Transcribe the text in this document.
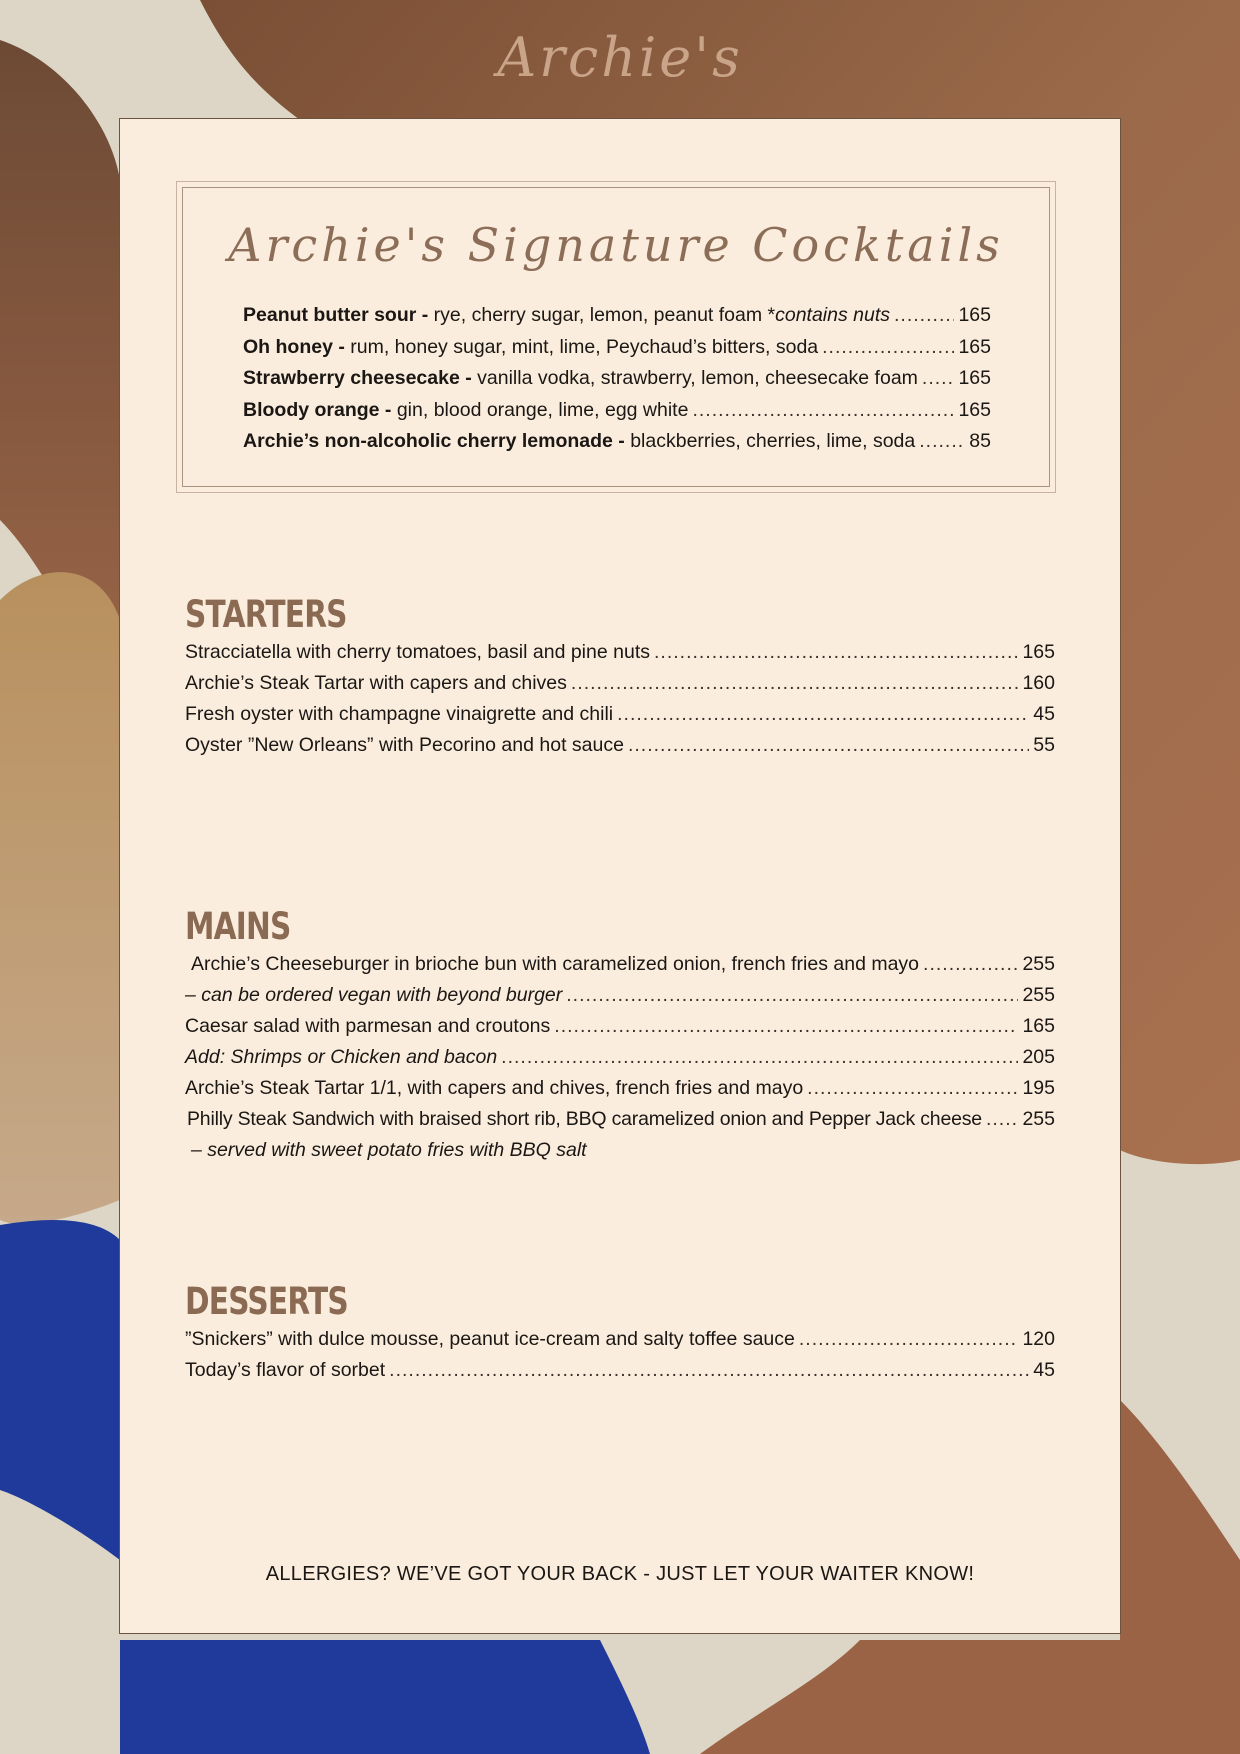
Archie's
Archie's Signature Cocktails
Peanut butter sour - rye, cherry sugar, lemon, peanut foam *contains nuts .....	165
Oh honey - rum, honey sugar, mint, lime, Peychaud’s bitters, soda .....	165
Strawberry cheesecake - vanilla vodka, strawberry, lemon, cheesecake foam ..... 165
Bloody orange - gin, blood orange, lime, egg white .....	165
Archie’s non-alcoholic cherry lemonade - blackberries, cherries, lime, soda .....	85
STARTERS
Stracciatella with cherry tomatoes, basil and pine nuts .....	165
Archie’s Steak Tartar with capers and chives .....	160
Fresh oyster with champagne vinaigrette and chili .....	45
Oyster ”New Orleans” with Pecorino and hot sauce .....	55
MAINS
Archie’s Cheeseburger in brioche bun with caramelized onion, french fries and mayo .....	255
– can be ordered vegan with beyond burger .....	255
Caesar salad with parmesan and croutons .....	165
Add: Shrimps or Chicken and bacon .....	205
Archie’s Steak Tartar 1/1, with capers and chives, french fries and mayo .....	195
Philly Steak Sandwich with braised short rib, BBQ caramelized onion and Pepper Jack cheese ..... 255
– served with sweet potato fries with BBQ salt
DESSERTS
”Snickers” with dulce mousse, peanut ice-cream and salty toffee sauce .....	120
Today’s flavor of sorbet .....	45
ALLERGIES? WE’VE GOT YOUR BACK - JUST LET YOUR WAITER KNOW!
